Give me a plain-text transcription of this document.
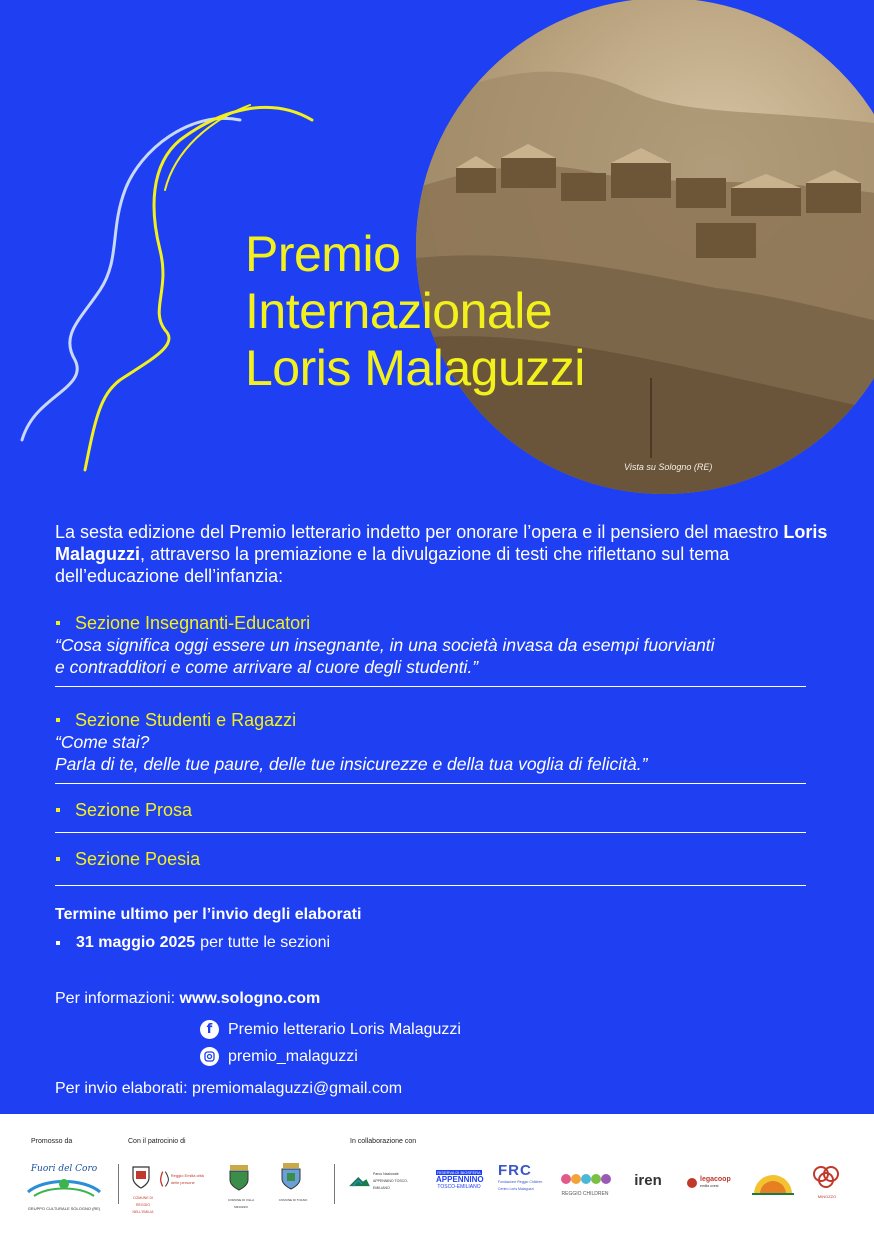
Vista su Sologno (RE)
Premio
Internazionale
Loris Malaguzzi
La sesta edizione del Premio letterario indetto per onorare l’opera e il pensiero del maestro Loris Malaguzzi, attraverso la premiazione e la divulgazione di testi che riflettano sul tema dell’educazione dell’infanzia:
Sezione Insegnanti-Educatori
“Cosa significa oggi essere un insegnante, in una società invasa da esempi fuorvianti
e contradditori e come arrivare al cuore degli studenti.”
Sezione Studenti e Ragazzi
“Come stai?
Parla di te, delle tue paure, delle tue insicurezze e della tua voglia di felicità.”
Sezione Prosa
Sezione Poesia
Termine ultimo per l’invio degli elaborati
31 maggio 2025 per tutte le sezioni
Per informazioni: www.sologno.com
f Premio letterario Loris Malaguzzi
premio_malaguzzi
Per invio elaborati: premiomalaguzzi@gmail.com
Promosso da	Con il patrocinio di	In collaborazione con
Fuori del Coro
GRUPPO CULTURALE SOLOGNO (RE)
COMUNE DI REGGIO NELL'EMILIA
Reggio Emilia città delle persone
COMUNE DI VILLA MINOZZO
COMUNE DI TOANO
Parco Nazionale APPENNINO TOSCO-EMILIANO
RISERVA DI BIOSFERA
APPENNINO
TOSCO-EMILIANO
FRC
Fondazione Reggio Children Centro Loris Malaguzzi
REGGIO CHILDREN
iren	legacoop
emilia ovest
MINOZZO
